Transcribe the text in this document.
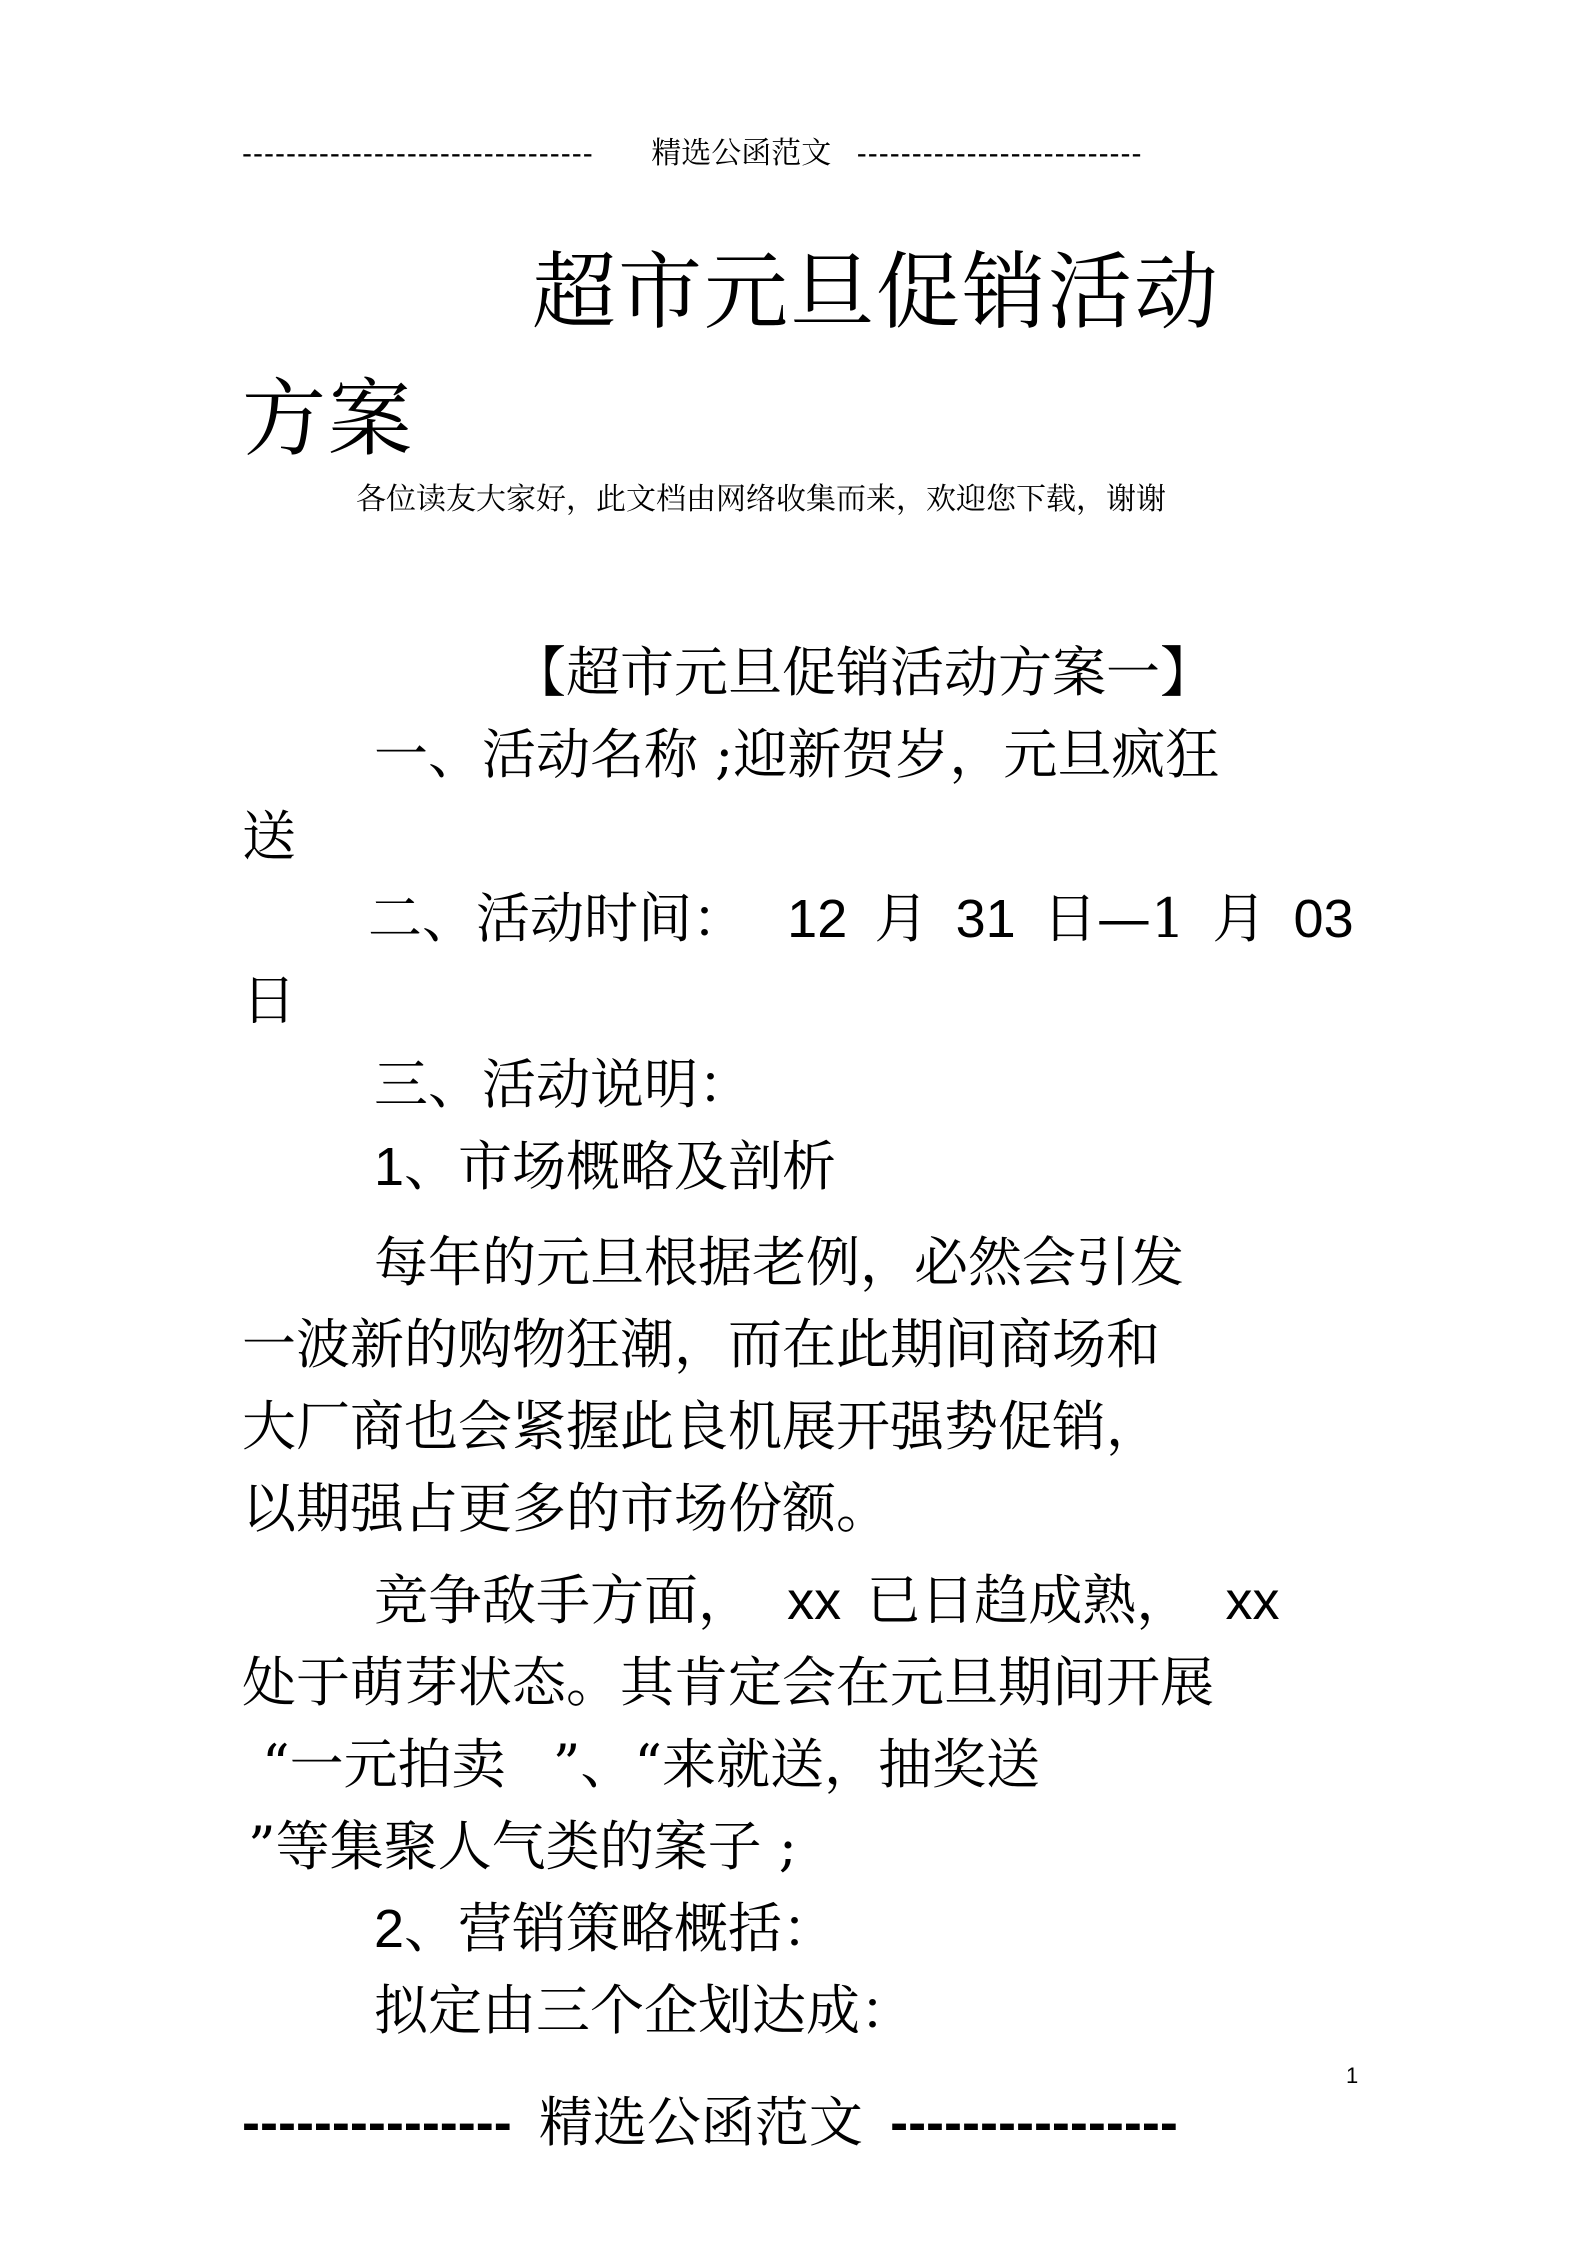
-------------------------------- 精选公函范文 --------------------------
超市元旦促销活动
方案
各位读友大家好，此文档由网络收集而来，欢迎您下载，谢谢
【超市元旦促销活动方案一】
一、活动名称 ;迎新贺岁，元旦疯狂
送
二、活动时间： 12 月 31 日—1 月 03
日
三、活动说明：
1、市场概略及剖析
每年的元旦根据老例，必然会引发
一波新的购物狂潮，而在此期间商场和
大厂商也会紧握此良机展开强势促销，
以期强占更多的市场份额。
竞争敌手方面， xx 已日趋成熟， xx
处于萌芽状态。其肯定会在元旦期间开展
“一元拍卖 ”、“来就送，抽奖送
”等集聚人气类的案子 ;
2、营销策略概括：
拟定由三个企划达成：
1
--------------- 精选公函范文 ----------------
